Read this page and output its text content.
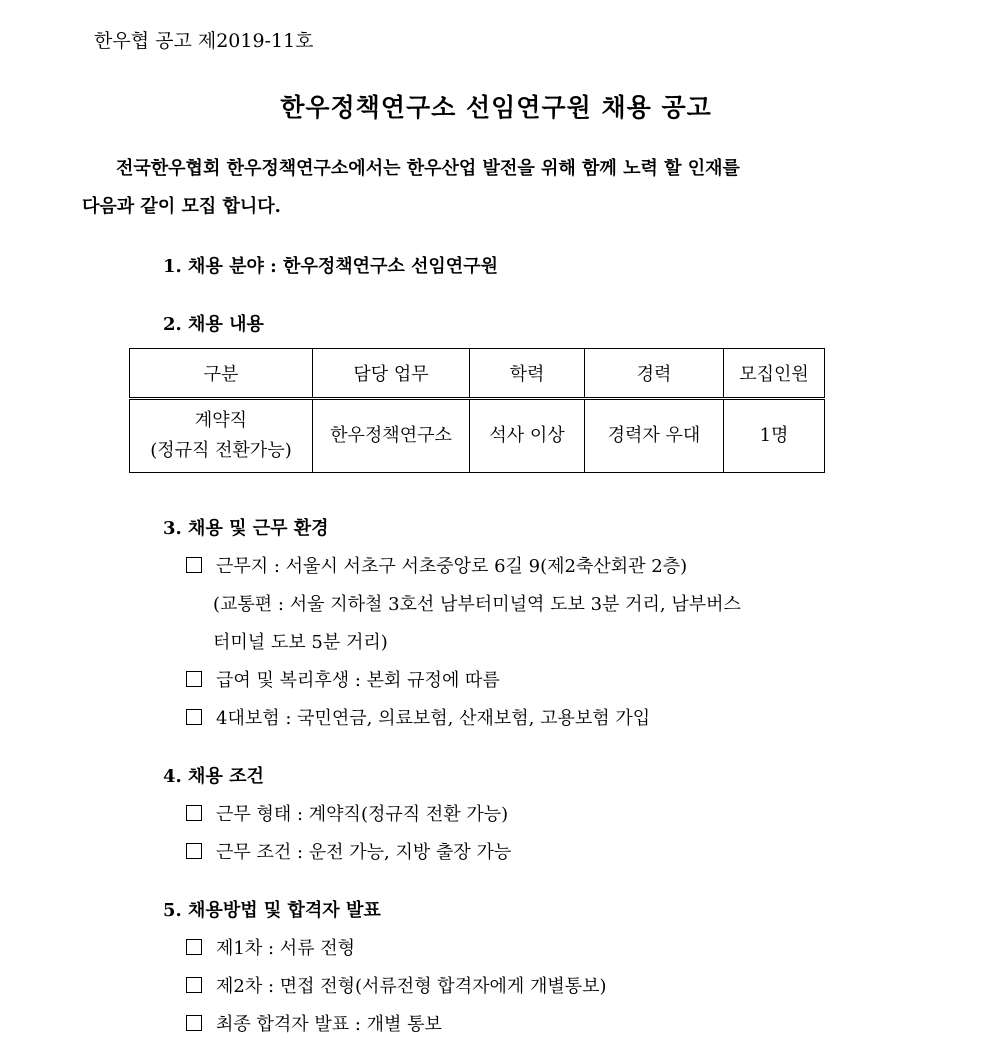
한우협 공고 제2019-11호
한우정책연구소 선임연구원 채용 공고
전국한우협회 한우정책연구소에서는 한우산업 발전을 위해 함께 노력 할 인재를
다음과 같이 모집 합니다.
1. 채용 분야 : 한우정책연구소 선임연구원
2. 채용 내용
구분	담당 업무	학력	경력	모집인원
계약직
(정규직 전환가능)	한우정책연구소	석사 이상	경력자 우대	1명
3. 채용 및 근무 환경
근무지 : 서울시 서초구 서초중앙로 6길 9(제2축산회관 2층)
(교통편 : 서울 지하철 3호선 남부터미널역 도보 3분 거리, 남부버스
터미널 도보 5분 거리)
급여 및 복리후생 : 본회 규정에 따름
4대보험 : 국민연금, 의료보험, 산재보험, 고용보험 가입
4. 채용 조건
근무 형태 : 계약직(정규직 전환 가능)
근무 조건 : 운전 가능, 지방 출장 가능
5. 채용방법 및 합격자 발표
제1차 : 서류 전형
제2차 : 면접 전형(서류전형 합격자에게 개별통보)
최종 합격자 발표 : 개별 통보
